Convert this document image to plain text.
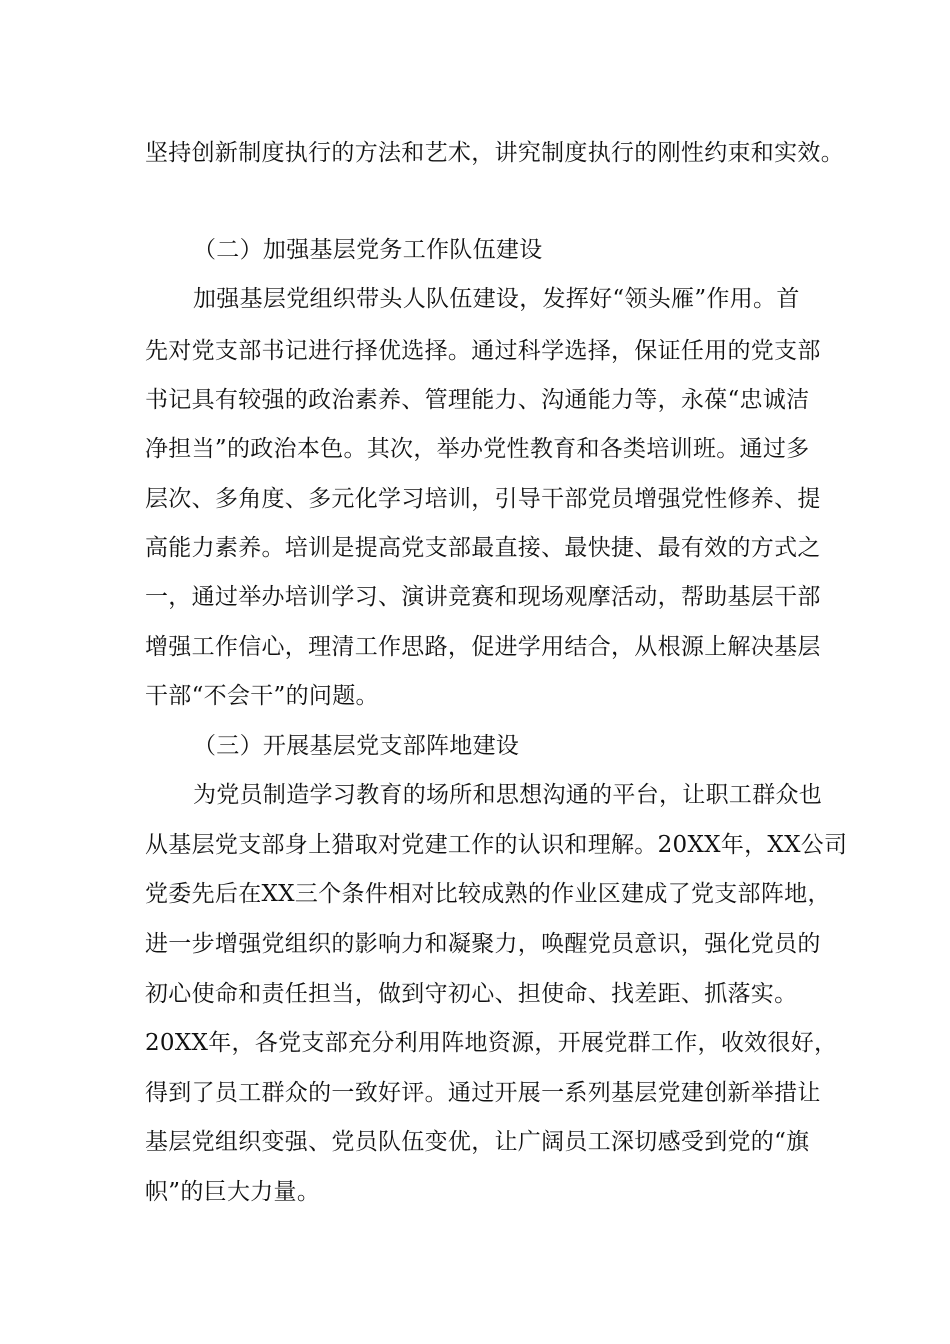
坚持创新制度执行的方法和艺术，讲究制度执行的刚性约束和实效。
（二）加强基层党务工作队伍建设
加强基层党组织带头人队伍建设，发挥好“领头雁”作用。首
先对党支部书记进行择优选择。通过科学选择，保证任用的党支部
书记具有较强的政治素养、管理能力、沟通能力等，永葆“忠诚洁
净担当”的政治本色。其次，举办党性教育和各类培训班。通过多
层次、多角度、多元化学习培训，引导干部党员增强党性修养、提
高能力素养。培训是提高党支部最直接、最快捷、最有效的方式之
一，通过举办培训学习、演讲竞赛和现场观摩活动，帮助基层干部
增强工作信心，理清工作思路，促进学用结合，从根源上解决基层
干部“不会干”的问题。
（三）开展基层党支部阵地建设
为党员制造学习教育的场所和思想沟通的平台，让职工群众也
从基层党支部身上猎取对党建工作的认识和理解。20XX年，XX公司
党委先后在XX三个条件相对比较成熟的作业区建成了党支部阵地，
进一步增强党组织的影响力和凝聚力，唤醒党员意识，强化党员的
初心使命和责任担当，做到守初心、担使命、找差距、抓落实。
20XX年，各党支部充分利用阵地资源，开展党群工作，收效很好，
得到了员工群众的一致好评。通过开展一系列基层党建创新举措让
基层党组织变强、党员队伍变优，让广阔员工深切感受到党的“旗
帜”的巨大力量。
